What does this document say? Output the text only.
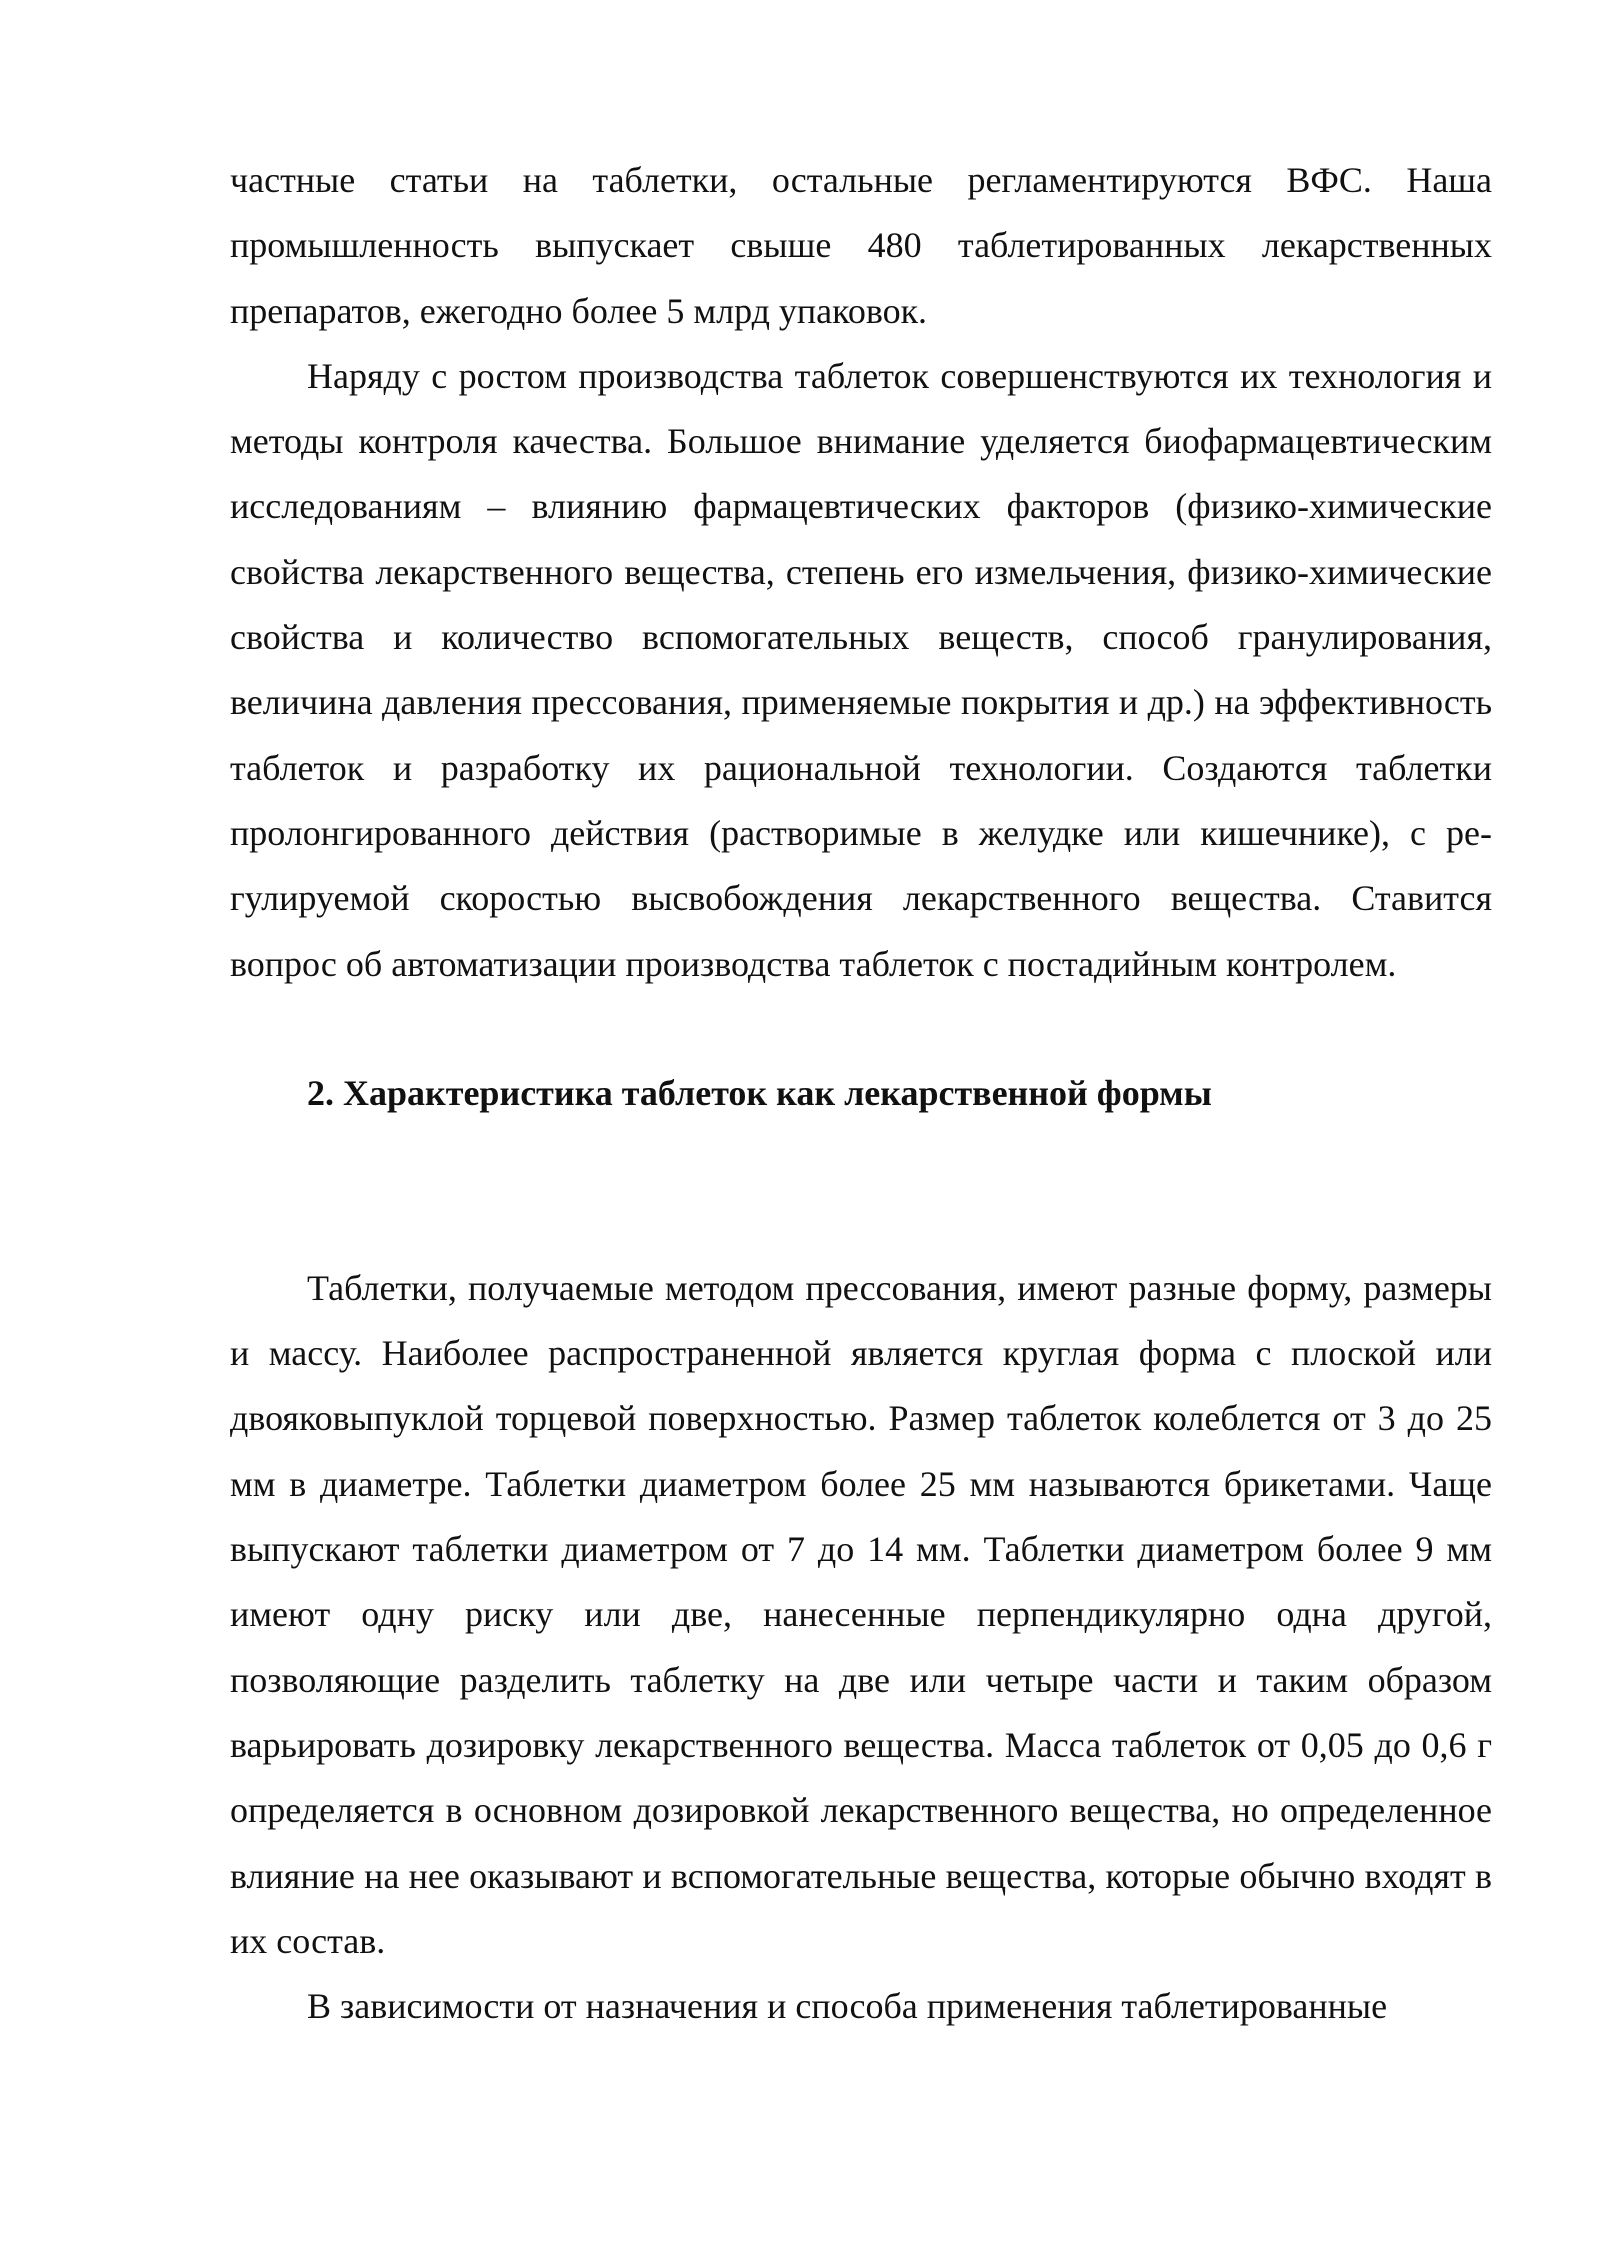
частные статьи на таблетки, остальные регламентируются ВФС. Наша промышленность выпускает свыше 480 таблетированных лекарственных препаратов, ежегодно более 5 млрд упаковок.

Наряду с ростом производства таблеток совершенствуются их технология и методы контроля качества. Большое внимание уделяется биофармацевтическим исследованиям – влиянию фармацевтических факторов (физико-химические свойства лекарственного вещества, степень его измельчения, физико-химические свойства и количество вспомогательных веществ, способ гранулирования, величина давления прессования, применяемые покрытия и др.) на эффективность таблеток и разработку их рациональной технологии. Создаются таблетки пролонгированного действия (растворимые в желудке или кишечнике), с ре-гулируемой скоростью высвобождения лекарственного вещества. Ставится вопрос об автоматизации производства таблеток с постадийным контролем.

2. Характеристика таблеток как лекарственной формы

Таблетки, получаемые методом прессования, имеют разные форму, размеры и массу. Наиболее распространенной является круглая форма с плоской или двояковыпуклой торцевой поверхностью. Размер таблеток колеблется от 3 до 25 мм в диаметре. Таблетки диаметром более 25 мм называются брикетами. Чаще выпускают таблетки диаметром от 7 до 14 мм. Таблетки диаметром более 9 мм имеют одну риску или две, нанесенные перпендикулярно одна другой, позволяющие разделить таблетку на две или четыре части и таким образом варьировать дозировку лекарственного вещества. Масса таблеток от 0,05 до 0,6 г определяется в основном дозировкой лекарственного вещества, но определенное влияние на нее оказывают и вспомогательные вещества, которые обычно входят в их состав.

В зависимости от назначения и способа применения таблетированные
